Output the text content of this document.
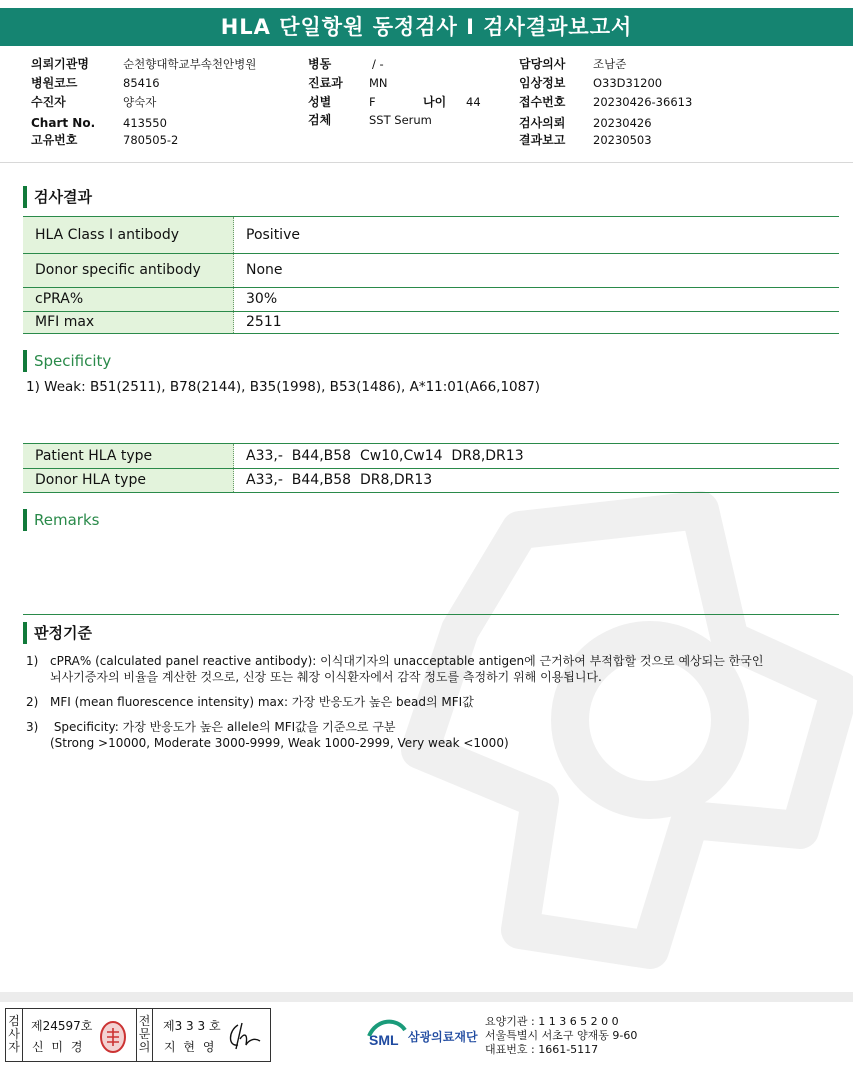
HLA 단일항원 동정검사 I 검사결과보고서
의뢰기관명	순천향대학교부속천안병원
병원코드	85416
수진자	양숙자
Chart No. 413550
고유번호	780505-2
병동	/ -
진료과 MN
성별	F	나이 44
검체	SST Serum
담당의사 조남준
임상정보 O33D31200
접수번호 20230426-36613
검사의뢰 20230426
결과보고 20230503
검사결과
HLA Class I antibody	Positive
Donor specific antibody	None
cPRA%	30%
MFI max	2511
Specificity
1) Weak: B51(2511), B78(2144), B35(1998), B53(1486), A*11:01(A66,1087)
Patient HLA type	A33,-  B44,B58  Cw10,Cw14  DR8,DR13
Donor HLA type	A33,-  B44,B58  DR8,DR13
Remarks
판정기준
1) cPRA% (calculated panel reactive antibody): 이식대기자의 unacceptable antigen에 근거하여 부적합할 것으로 예상되는 한국인
뇌사기증자의 비율을 계산한 것으로, 신장 또는 췌장 이식환자에서 감작 정도를 측정하기 위해 이용됩니다.
2) MFI (mean fluorescence intensity) max: 가장 반응도가 높은 bead의 MFI값
3) Specificity: 가장 반응도가 높은 allele의 MFI값을 기준으로 구분
(Strong >10000, Moderate 3000-9999, Weak 1000-2999, Very weak <1000)
검사자
제24597호
신 미 경
전문의
제3 3 3 호
지 현 영	SML 삼광의료재단
요양기관 : 1 1 3 6 5 2 0 0
서울특별시 서초구 양재동 9-60
대표번호 : 1661-5117
